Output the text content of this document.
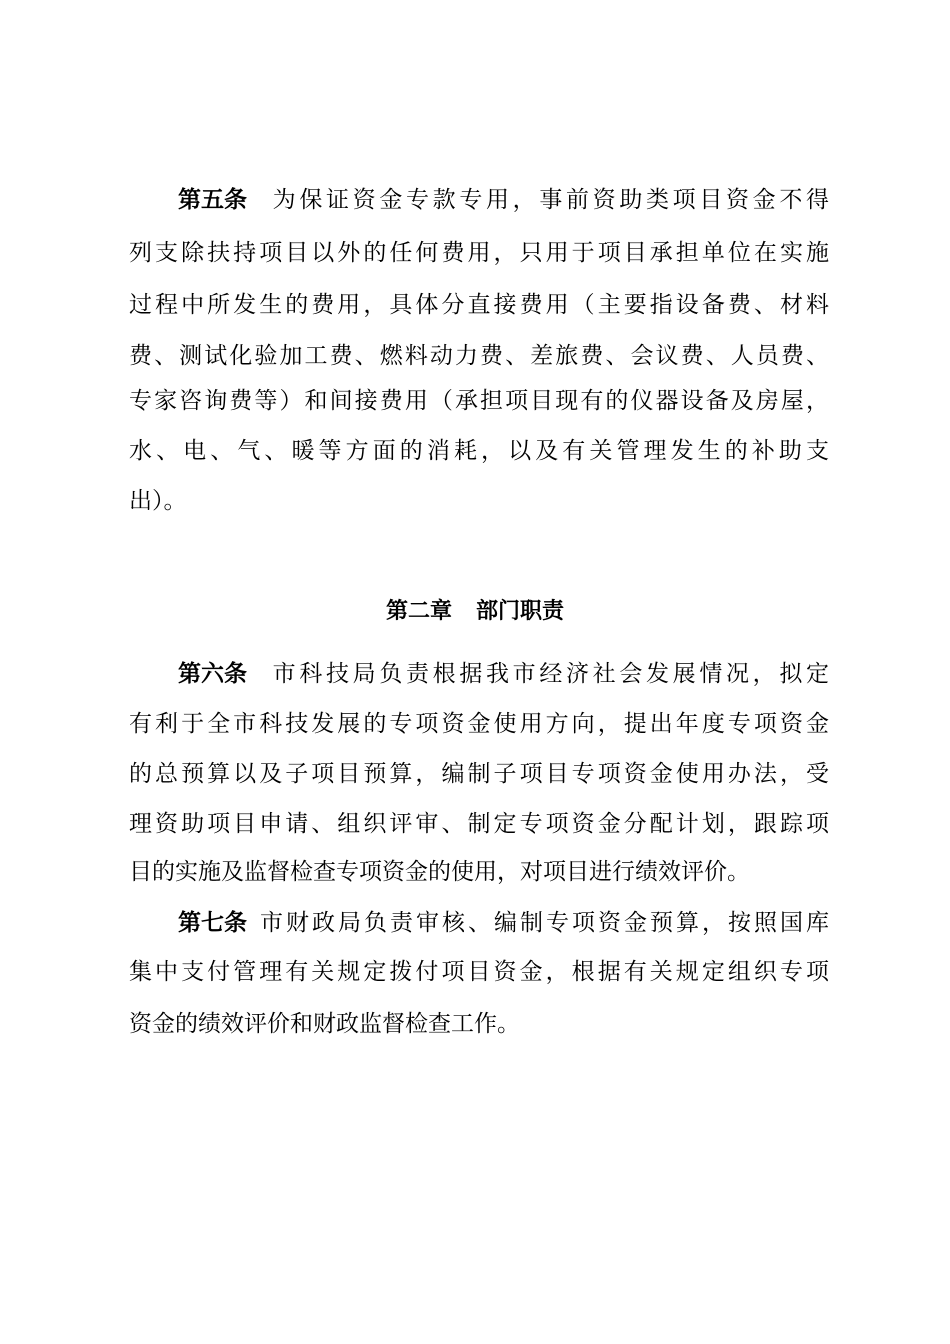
第五条 为保证资金专款专用，事前资助类项目资金不得
列支除扶持项目以外的任何费用，只用于项目承担单位在实施
过程中所发生的费用，具体分直接费用（主要指设备费、材料
费、测试化验加工费、燃料动力费、差旅费、会议费、人员费、
专家咨询费等）和间接费用（承担项目现有的仪器设备及房屋，
水、电、气、暖等方面的消耗，以及有关管理发生的补助支
出）。
第二章 部门职责
第六条 市科技局负责根据我市经济社会发展情况，拟定
有利于全市科技发展的专项资金使用方向，提出年度专项资金
的总预算以及子项目预算，编制子项目专项资金使用办法，受
理资助项目申请、组织评审、制定专项资金分配计划，跟踪项
目的实施及监督检查专项资金的使用，对项目进行绩效评价。
第七条 市财政局负责审核、编制专项资金预算，按照国库
集中支付管理有关规定拨付项目资金，根据有关规定组织专项
资金的绩效评价和财政监督检查工作。
